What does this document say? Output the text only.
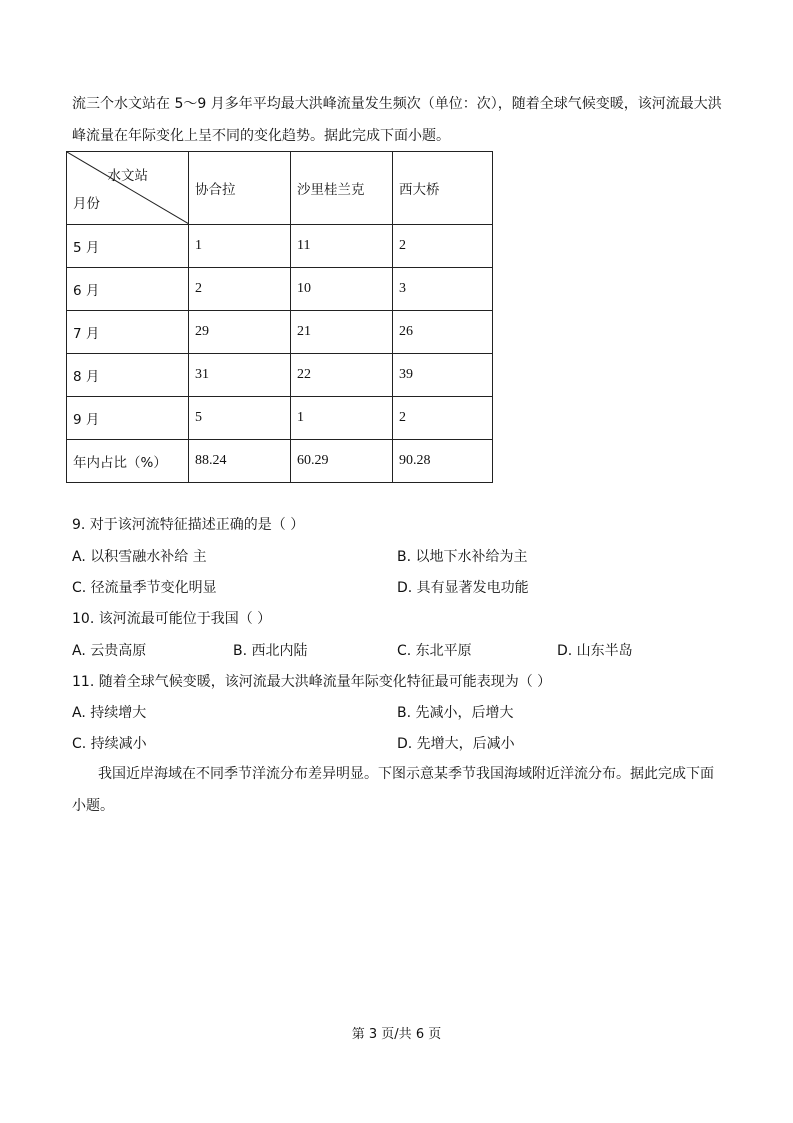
流三个水文站在 5～9 月多年平均最大洪峰流量发生频次（单位：次），随着全球气候变暖，该河流最大洪
峰流量在年际变化上呈不同的变化趋势。据此完成下面小题。
水文站
月份	协合拉	沙里桂兰克	西大桥
5 月	1	11	2
6 月	2	10	3
7 月	29	21	26
8 月	31	22	39
9 月	5	1	2
年内占比（%）	88.24	60.29	90.28
9. 对于该河流特征描述正确的是（ ）
A. 以积雪融水补给 主	B. 以地下水补给为主
C. 径流量季节变化明显	D. 具有显著发电功能
10. 该河流最可能位于我国（ ）
A. 云贵高原	B. 西北内陆	C. 东北平原	D. 山东半岛
11. 随着全球气候变暖，该河流最大洪峰流量年际变化特征最可能表现为（ ）
A. 持续增大	B. 先减小，后增大
C. 持续减小	D. 先增大，后减小
我国近岸海域在不同季节洋流分布差异明显。下图示意某季节我国海域附近洋流分布。据此完成下面
小题。
第 3 页/共 6 页
